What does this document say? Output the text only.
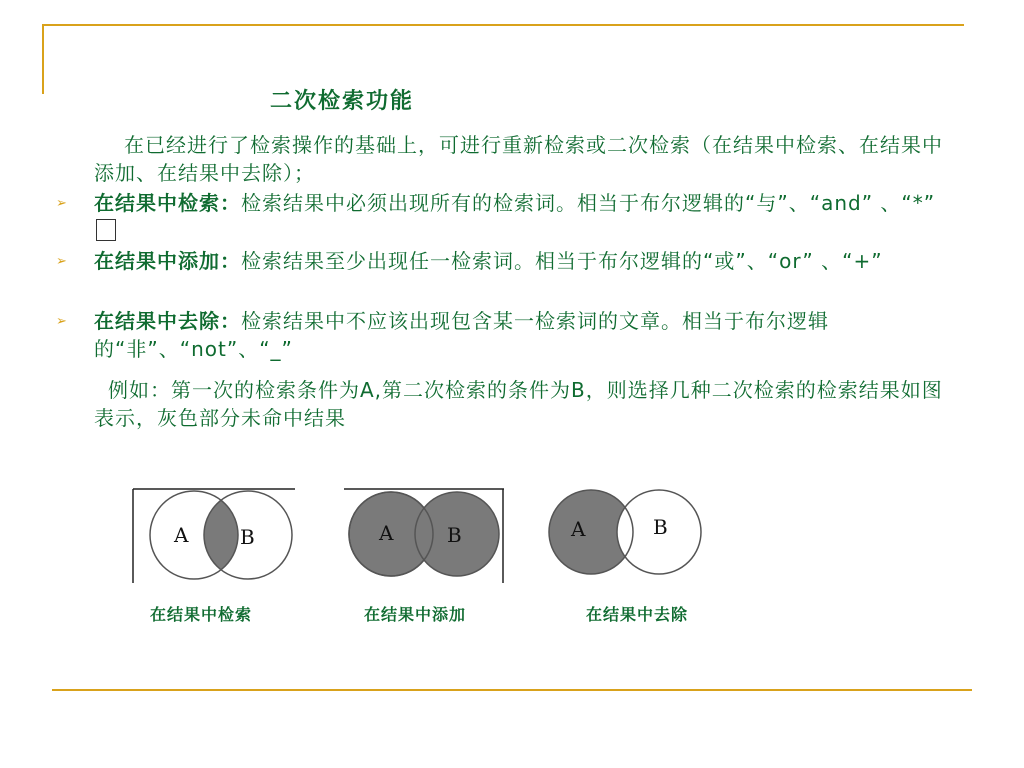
二次检索功能
在已经进行了检索操作的基础上，可进行重新检索或二次检索（在结果中检索、在结果中添加、在结果中去除）；
➢ 在结果中检索：检索结果中必须出现所有的检索词。相当于布尔逻辑的“与”、“and” 、“*”
➢ 在结果中添加：检索结果至少出现任一检索词。相当于布尔逻辑的“或”、“or” 、“+”
➢ 在结果中去除：检索结果中不应该出现包含某一检索词的文章。相当于布尔逻辑的“非”、“not”、“_”
例如：第一次的检索条件为A,第二次检索的条件为B，则选择几种二次检索的检索结果如图表示，灰色部分未命中结果
A	B	A	B	A	B
在结果中检索	在结果中添加	在结果中去除
